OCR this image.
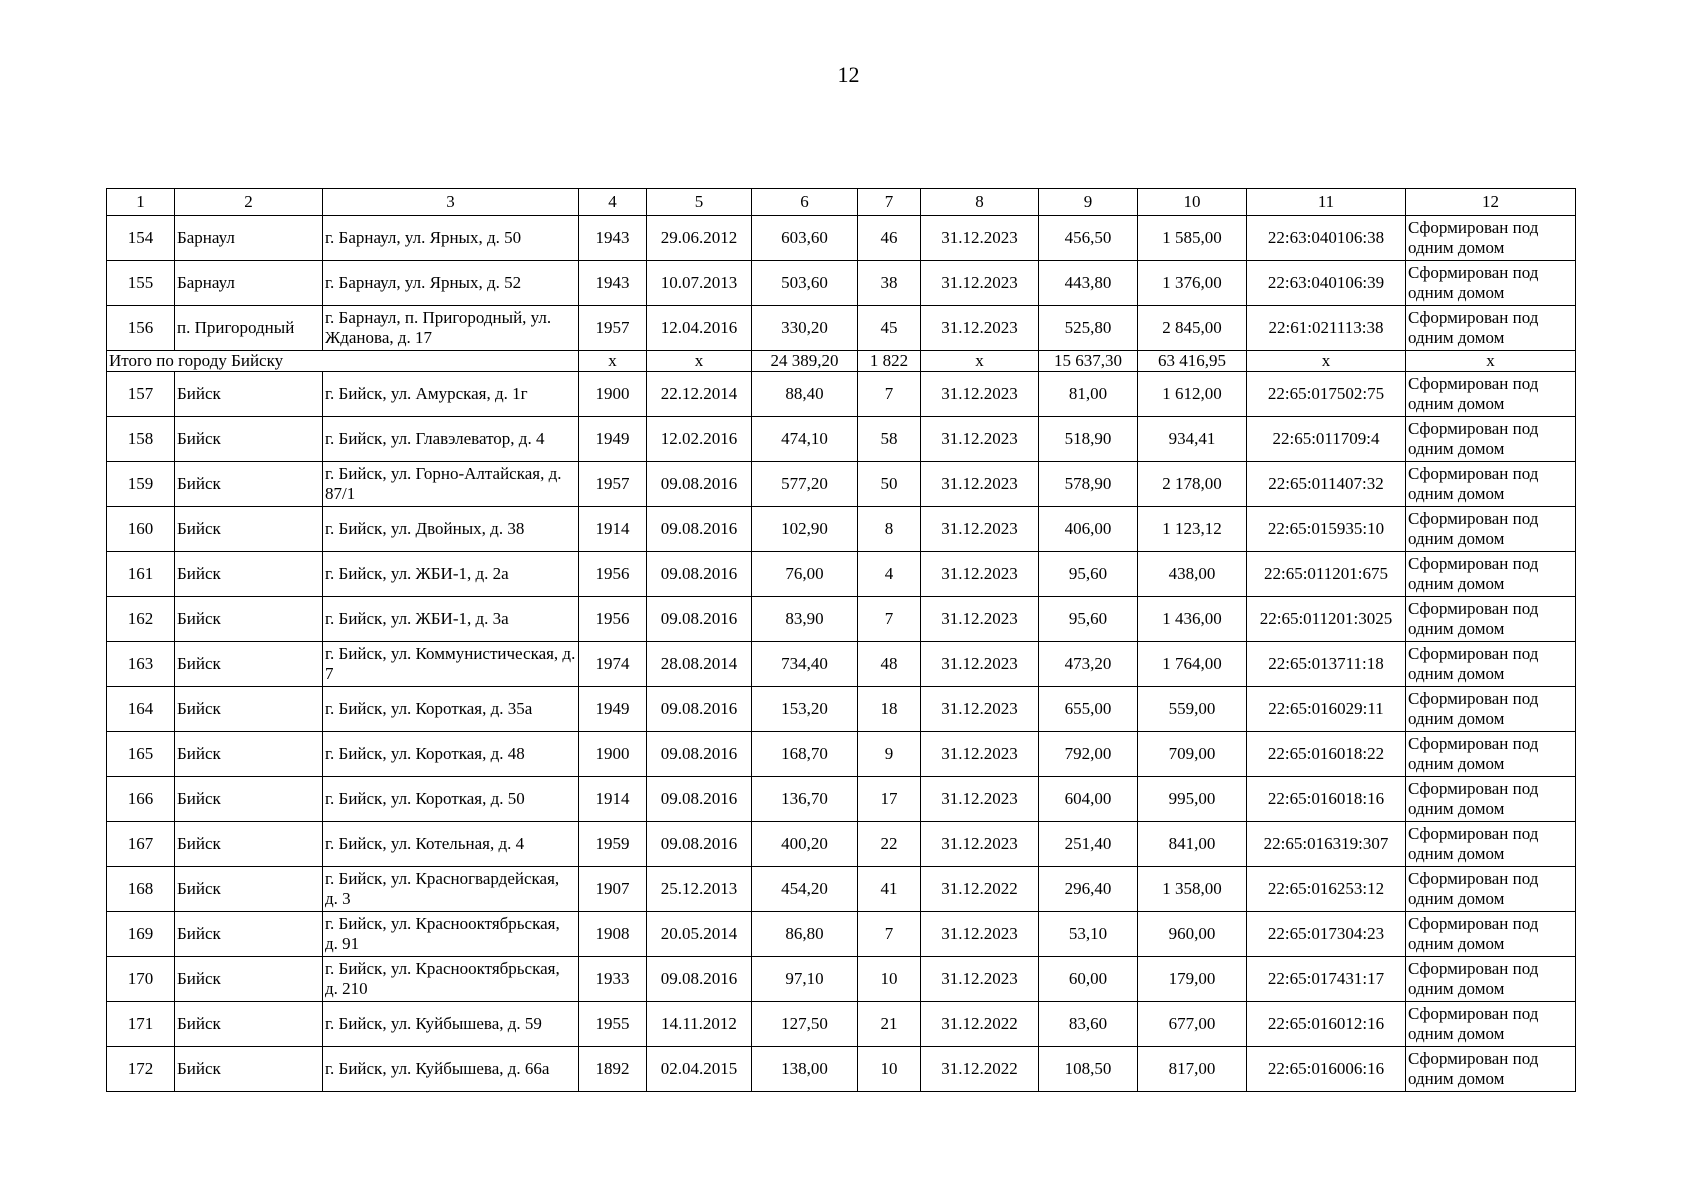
12
1	2	3	4	5	6	7	8	9	10	11	12
154	Барнаул	г. Барнаул, ул. Ярных, д. 50	1943	29.06.2012	603,60	46	31.12.2023	456,50	1 585,00	22:63:040106:38	Сформирован под одним домом
155	Барнаул	г. Барнаул, ул. Ярных, д. 52	1943	10.07.2013	503,60	38	31.12.2023	443,80	1 376,00	22:63:040106:39	Сформирован под одним домом
156	п. Пригородный	г. Барнаул, п. Пригородный, ул. Жданова, д. 17	1957	12.04.2016	330,20	45	31.12.2023	525,80	2 845,00	22:61:021113:38	Сформирован под одним домом
Итого по городу Бийску			x	x	24 389,20	1 822	x	15 637,30	63 416,95	x	x
157	Бийск	г. Бийск, ул. Амурская, д. 1г	1900	22.12.2014	88,40	7	31.12.2023	81,00	1 612,00	22:65:017502:75	Сформирован под одним домом
158	Бийск	г. Бийск, ул. Главэлеватор, д. 4	1949	12.02.2016	474,10	58	31.12.2023	518,90	934,41	22:65:011709:4	Сформирован под одним домом
159	Бийск	г. Бийск, ул. Горно-Алтайская, д. 87/1	1957	09.08.2016	577,20	50	31.12.2023	578,90	2 178,00	22:65:011407:32	Сформирован под одним домом
160	Бийск	г. Бийск, ул. Двойных, д. 38	1914	09.08.2016	102,90	8	31.12.2023	406,00	1 123,12	22:65:015935:10	Сформирован под одним домом
161	Бийск	г. Бийск, ул. ЖБИ-1, д. 2а	1956	09.08.2016	76,00	4	31.12.2023	95,60	438,00	22:65:011201:675	Сформирован под одним домом
162	Бийск	г. Бийск, ул. ЖБИ-1, д. 3а	1956	09.08.2016	83,90	7	31.12.2023	95,60	1 436,00	22:65:011201:3025	Сформирован под одним домом
163	Бийск	г. Бийск, ул. Коммунистическая, д. 7	1974	28.08.2014	734,40	48	31.12.2023	473,20	1 764,00	22:65:013711:18	Сформирован под одним домом
164	Бийск	г. Бийск, ул. Короткая, д. 35а	1949	09.08.2016	153,20	18	31.12.2023	655,00	559,00	22:65:016029:11	Сформирован под одним домом
165	Бийск	г. Бийск, ул. Короткая, д. 48	1900	09.08.2016	168,70	9	31.12.2023	792,00	709,00	22:65:016018:22	Сформирован под одним домом
166	Бийск	г. Бийск, ул. Короткая, д. 50	1914	09.08.2016	136,70	17	31.12.2023	604,00	995,00	22:65:016018:16	Сформирован под одним домом
167	Бийск	г. Бийск, ул. Котельная, д. 4	1959	09.08.2016	400,20	22	31.12.2023	251,40	841,00	22:65:016319:307	Сформирован под одним домом
168	Бийск	г. Бийск, ул. Красногвардейская, д. 3	1907	25.12.2013	454,20	41	31.12.2022	296,40	1 358,00	22:65:016253:12	Сформирован под одним домом
169	Бийск	г. Бийск, ул. Краснооктябрьская, д. 91	1908	20.05.2014	86,80	7	31.12.2023	53,10	960,00	22:65:017304:23	Сформирован под одним домом
170	Бийск	г. Бийск, ул. Краснооктябрьская, д. 210	1933	09.08.2016	97,10	10	31.12.2023	60,00	179,00	22:65:017431:17	Сформирован под одним домом
171	Бийск	г. Бийск, ул. Куйбышева, д. 59	1955	14.11.2012	127,50	21	31.12.2022	83,60	677,00	22:65:016012:16	Сформирован под одним домом
172	Бийск	г. Бийск, ул. Куйбышева, д. 66а	1892	02.04.2015	138,00	10	31.12.2022	108,50	817,00	22:65:016006:16	Сформирован под одним домом
